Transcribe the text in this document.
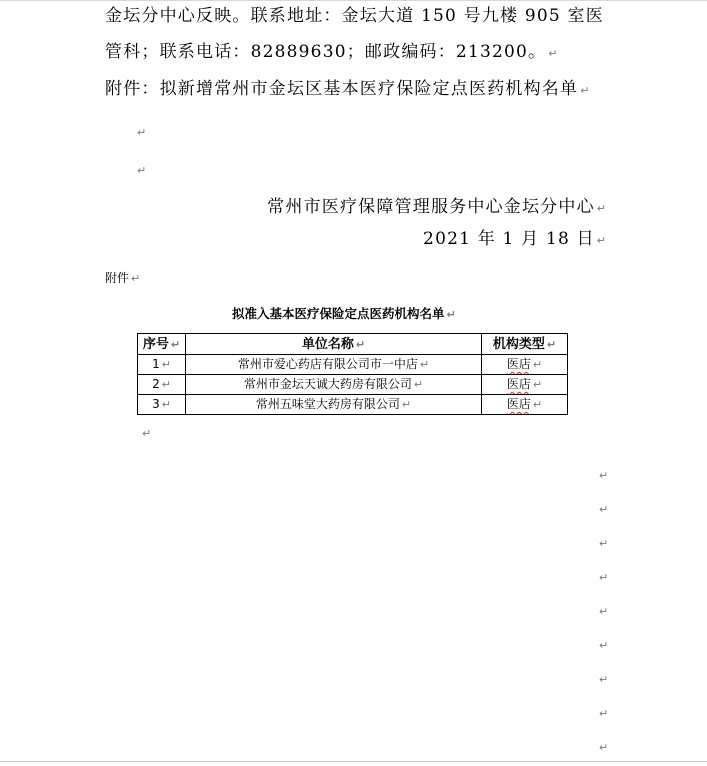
金坛分中心反映。联系地址：金坛大道 150 号九楼 905 室医
管科；联系电话：82889630；邮政编码：213200。 ↵
附件：拟新增常州市金坛区基本医疗保险定点医药机构名单 ↵
↵
↵
常州市医疗保障管理服务中心金坛分中心 ↵
2021 年 1 月 18 日 ↵
附件 ↵
拟准入基本医疗保险定点医药机构名单 ↵
序号 ↵	单位名称 ↵	机构类型 ↵
1 ↵	常州市爱心药店有限公司市一中店 ↵	医店 ↵
2 ↵	常州市金坛天诚大药房有限公司 ↵	医店 ↵
3 ↵	常州五味堂大药房有限公司 ↵	医店 ↵
↵
↵
↵
↵
↵
↵
↵
↵
↵
↵
